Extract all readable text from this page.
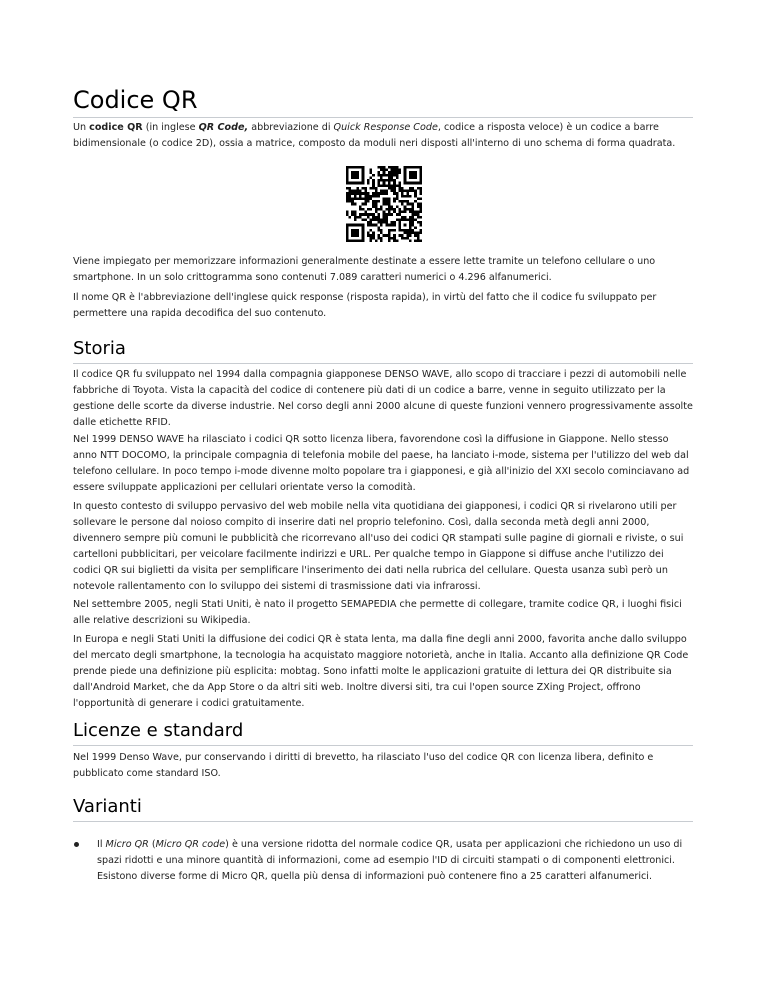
Codice QR

Un codice QR (in inglese QR Code, abbreviazione di Quick Response Code, codice a risposta veloce) è un codice a barre bidimensionale (o codice 2D), ossia a matrice, composto da moduli neri disposti all'interno di uno schema di forma quadrata.

Viene impiegato per memorizzare informazioni generalmente destinate a essere lette tramite un telefono cellulare o uno smartphone. In un solo crittogramma sono contenuti 7.089 caratteri numerici o 4.296 alfanumerici.

Il nome QR è l'abbreviazione dell'inglese quick response (risposta rapida), in virtù del fatto che il codice fu sviluppato per permettere una rapida decodifica del suo contenuto.

Storia

Il codice QR fu sviluppato nel 1994 dalla compagnia giapponese DENSO WAVE, allo scopo di tracciare i pezzi di automobili nelle fabbriche di Toyota. Vista la capacità del codice di contenere più dati di un codice a barre, venne in seguito utilizzato per la gestione delle scorte da diverse industrie. Nel corso degli anni 2000 alcune di queste funzioni vennero progressivamente assolte dalle etichette RFID.

Nel 1999 DENSO WAVE ha rilasciato i codici QR sotto licenza libera, favorendone così la diffusione in Giappone. Nello stesso anno NTT DOCOMO, la principale compagnia di telefonia mobile del paese, ha lanciato i-mode, sistema per l'utilizzo del web dal telefono cellulare. In poco tempo i-mode divenne molto popolare tra i giapponesi, e già all'inizio del XXI secolo cominciavano ad essere sviluppate applicazioni per cellulari orientate verso la comodità.

In questo contesto di sviluppo pervasivo del web mobile nella vita quotidiana dei giapponesi, i codici QR si rivelarono utili per sollevare le persone dal noioso compito di inserire dati nel proprio telefonino. Così, dalla seconda metà degli anni 2000, divennero sempre più comuni le pubblicità che ricorrevano all'uso dei codici QR stampati sulle pagine di giornali e riviste, o sui cartelloni pubblicitari, per veicolare facilmente indirizzi e URL. Per qualche tempo in Giappone si diffuse anche l'utilizzo dei codici QR sui biglietti da visita per semplificare l'inserimento dei dati nella rubrica del cellulare. Questa usanza subì però un notevole rallentamento con lo sviluppo dei sistemi di trasmissione dati via infrarossi.

Nel settembre 2005, negli Stati Uniti, è nato il progetto SEMAPEDIA che permette di collegare, tramite codice QR, i luoghi fisici alle relative descrizioni su Wikipedia.

In Europa e negli Stati Uniti la diffusione dei codici QR è stata lenta, ma dalla fine degli anni 2000, favorita anche dallo sviluppo del mercato degli smartphone, la tecnologia ha acquistato maggiore notorietà, anche in Italia. Accanto alla definizione QR Code prende piede una definizione più esplicita: mobtag. Sono infatti molte le applicazioni gratuite di lettura dei QR distribuite sia dall'Android Market, che da App Store o da altri siti web. Inoltre diversi siti, tra cui l'open source ZXing Project, offrono l'opportunità di generare i codici gratuitamente.

Licenze e standard

Nel 1999 Denso Wave, pur conservando i diritti di brevetto, ha rilasciato l'uso del codice QR con licenza libera, definito e pubblicato come standard ISO.

Varianti
Il Micro QR (Micro QR code) è una versione ridotta del normale codice QR, usata per applicazioni che richiedono un uso di spazi ridotti e una minore quantità di informazioni, come ad esempio l'ID di circuiti stampati o di componenti elettronici. Esistono diverse forme di Micro QR, quella più densa di informazioni può contenere fino a 25 caratteri alfanumerici.
